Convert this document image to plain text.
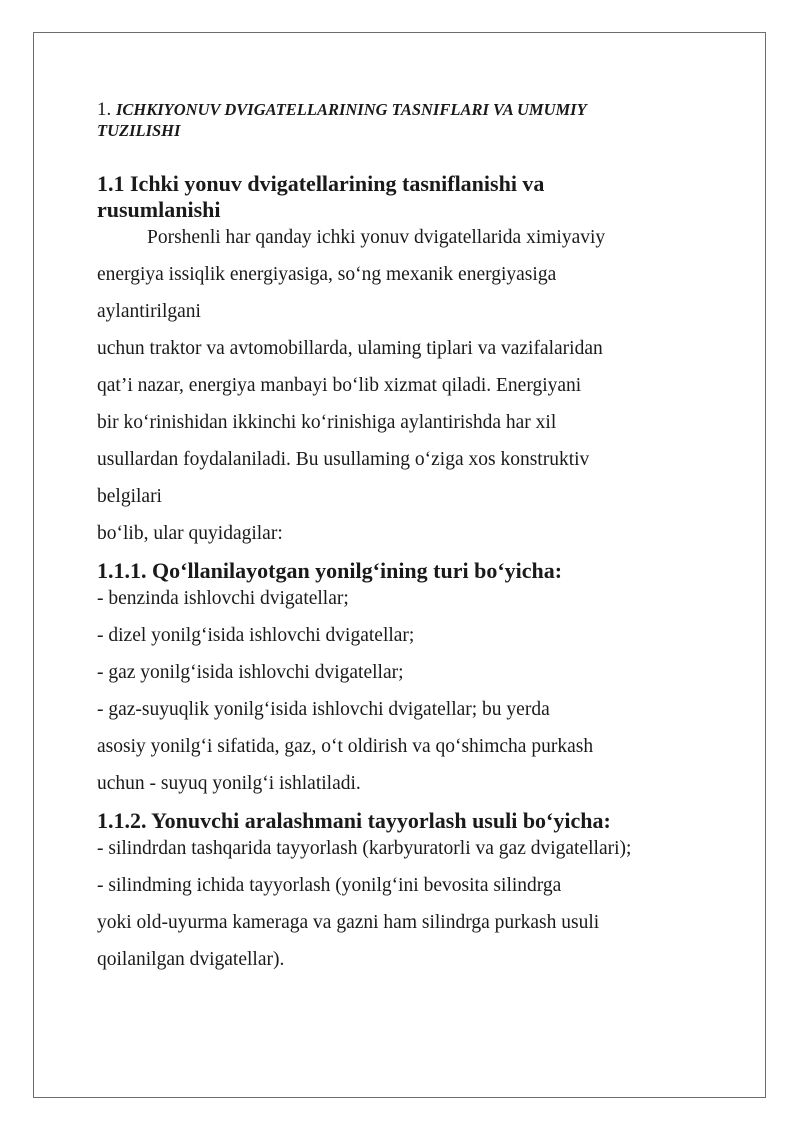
1. ICHKIYONUV DVIGATELLARINING TASNIFLARI VA UMUMIY
TUZILISHI
1.1 Ichki yonuv dvigatellarining tasniflanishi va
rusumlanishi
Porshenli har qanday ichki yonuv dvigatellarida ximiyaviy
energiya issiqlik energiyasiga, so‘ng mexanik energiyasiga
aylantirilgani
uchun traktor va avtomobillarda, ulaming tiplari va vazifalaridan
qat’i nazar, energiya manbayi bo‘lib xizmat qiladi. Energiyani
bir ko‘rinishidan ikkinchi ko‘rinishiga aylantirishda har xil
usullardan foydalaniladi. Bu usullaming o‘ziga xos konstruktiv
belgilari
bo‘lib, ular quyidagilar:
1.1.1. Qo‘llanilayotgan yonilg‘ining turi bo‘yicha:
- benzinda ishlovchi dvigatellar;
- dizel yonilg‘isida ishlovchi dvigatellar;
- gaz yonilg‘isida ishlovchi dvigatellar;
- gaz-suyuqlik yonilg‘isida ishlovchi dvigatellar; bu yerda
asosiy yonilg‘i sifatida, gaz, o‘t oldirish va qo‘shimcha purkash
uchun - suyuq yonilg‘i ishlatiladi.
1.1.2. Yonuvchi aralashmani tayyorlash usuli bo‘yicha:
- silindrdan tashqarida tayyorlash (karbyuratorli va gaz dvigatellari);
- silindming ichida tayyorlash (yonilg‘ini bevosita silindrga
yoki old-uyurma kameraga va gazni ham silindrga purkash usuli
qoilanilgan dvigatellar).
